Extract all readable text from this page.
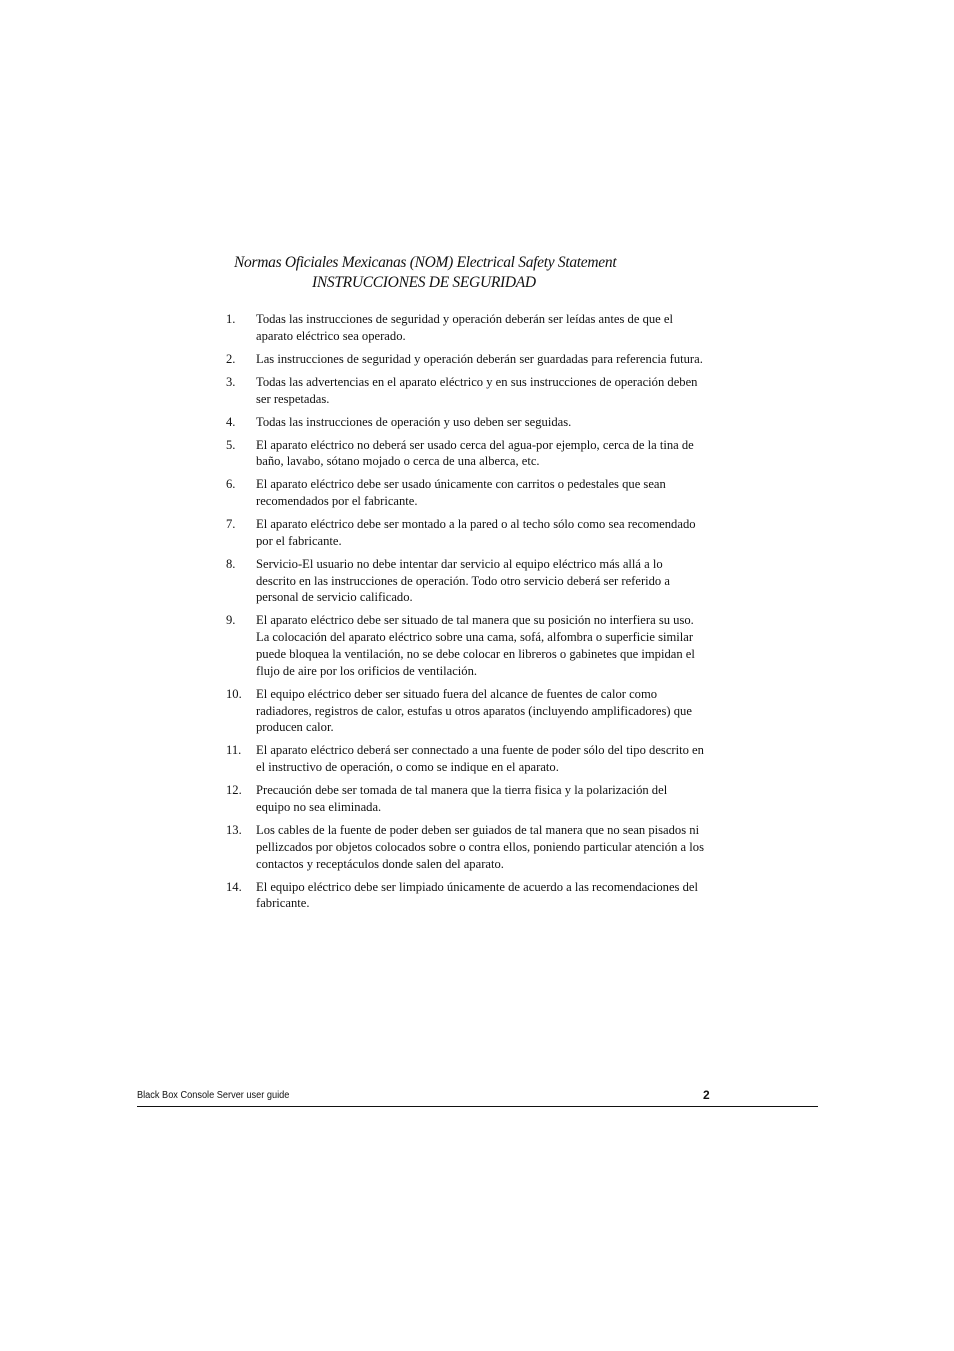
Normas Oficiales Mexicanas (NOM) Electrical Safety Statement
INSTRUCCIONES DE SEGURIDAD
1. Todas las instrucciones de seguridad y operación deberán ser leídas antes de que el aparato eléctrico sea operado.
2. Las instrucciones de seguridad y operación deberán ser guardadas para referencia futura.
3. Todas las advertencias en el aparato eléctrico y en sus instrucciones de operación deben ser respetadas.
4. Todas las instrucciones de operación y uso deben ser seguidas.
5. El aparato eléctrico no deberá ser usado cerca del agua-por ejemplo, cerca de la tina de baño, lavabo, sótano mojado o cerca de una alberca, etc.
6. El aparato eléctrico debe ser usado únicamente con carritos o pedestales que sean recomendados por el fabricante.
7. El aparato eléctrico debe ser montado a la pared o al techo sólo como sea recomendado por el fabricante.
8. Servicio-El usuario no debe intentar dar servicio al equipo eléctrico más allá a lo descrito en las instrucciones de operación. Todo otro servicio deberá ser referido a personal de servicio calificado.
9. El aparato eléctrico debe ser situado de tal manera que su posición no interfiera su uso. La colocación del aparato eléctrico sobre una cama, sofá, alfombra o superficie similar puede bloquea la ventilación, no se debe colocar en libreros o gabinetes que impidan el flujo de aire por los orificios de ventilación.
10. El equipo eléctrico deber ser situado fuera del alcance de fuentes de calor como radiadores, registros de calor, estufas u otros aparatos (incluyendo amplificadores) que producen calor.
11. El aparato eléctrico deberá ser connectado a una fuente de poder sólo del tipo descrito en el instructivo de operación, o como se indique en el aparato.
12. Precaución debe ser tomada de tal manera que la tierra fisica y la polarización del equipo no sea eliminada.
13. Los cables de la fuente de poder deben ser guiados de tal manera que no sean pisados ni pellizcados por objetos colocados sobre o contra ellos, poniendo particular atención a los contactos y receptáculos donde salen del aparato.
14. El equipo eléctrico debe ser limpiado únicamente de acuerdo a las recomendaciones del fabricante.
Black Box Console Server user guide	2
